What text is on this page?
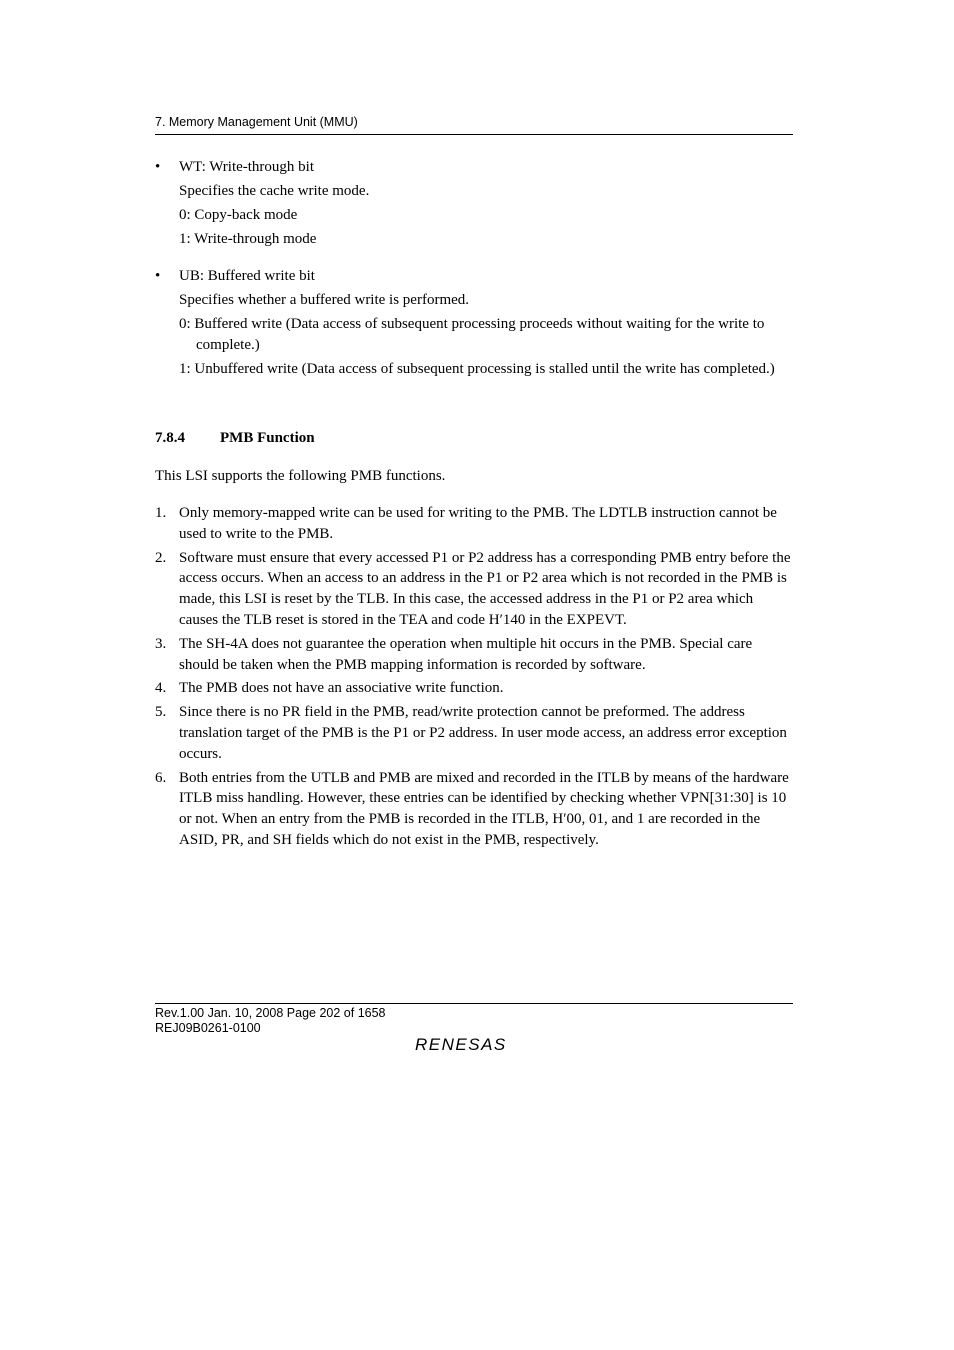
7. Memory Management Unit (MMU)
•	WT: Write-through bit

Specifies the cache write mode.

0: Copy-back mode

1: Write-through mode

•	UB: Buffered write bit

Specifies whether a buffered write is performed.

0: Buffered write (Data access of subsequent processing proceeds without waiting for the write to complete.)

1: Unbuffered write (Data access of subsequent processing is stalled until the write has completed.)

7.8.4 PMB Function
This LSI supports the following PMB functions.
1. Only memory-mapped write can be used for writing to the PMB. The LDTLB instruction cannot be used to write to the PMB.
2. Software must ensure that every accessed P1 or P2 address has a corresponding PMB entry before the access occurs. When an access to an address in the P1 or P2 area which is not recorded in the PMB is made, this LSI is reset by the TLB. In this case, the accessed address in the P1 or P2 area which causes the TLB reset is stored in the TEA and code H′140 in the EXPEVT.
3. The SH-4A does not guarantee the operation when multiple hit occurs in the PMB. Special care should be taken when the PMB mapping information is recorded by software.
4. The PMB does not have an associative write function.
5. Since there is no PR field in the PMB, read/write protection cannot be preformed. The address translation target of the PMB is the P1 or P2 address. In user mode access, an address error exception occurs.
6. Both entries from the UTLB and PMB are mixed and recorded in the ITLB by means of the hardware ITLB miss handling. However, these entries can be identified by checking whether VPN[31:30] is 10 or not. When an entry from the PMB is recorded in the ITLB, H′00, 01, and 1 are recorded in the ASID, PR, and SH fields which do not exist in the PMB, respectively.
Rev.1.00 Jan. 10, 2008 Page 202 of 1658
REJ09B0261-0100
RENESAS
